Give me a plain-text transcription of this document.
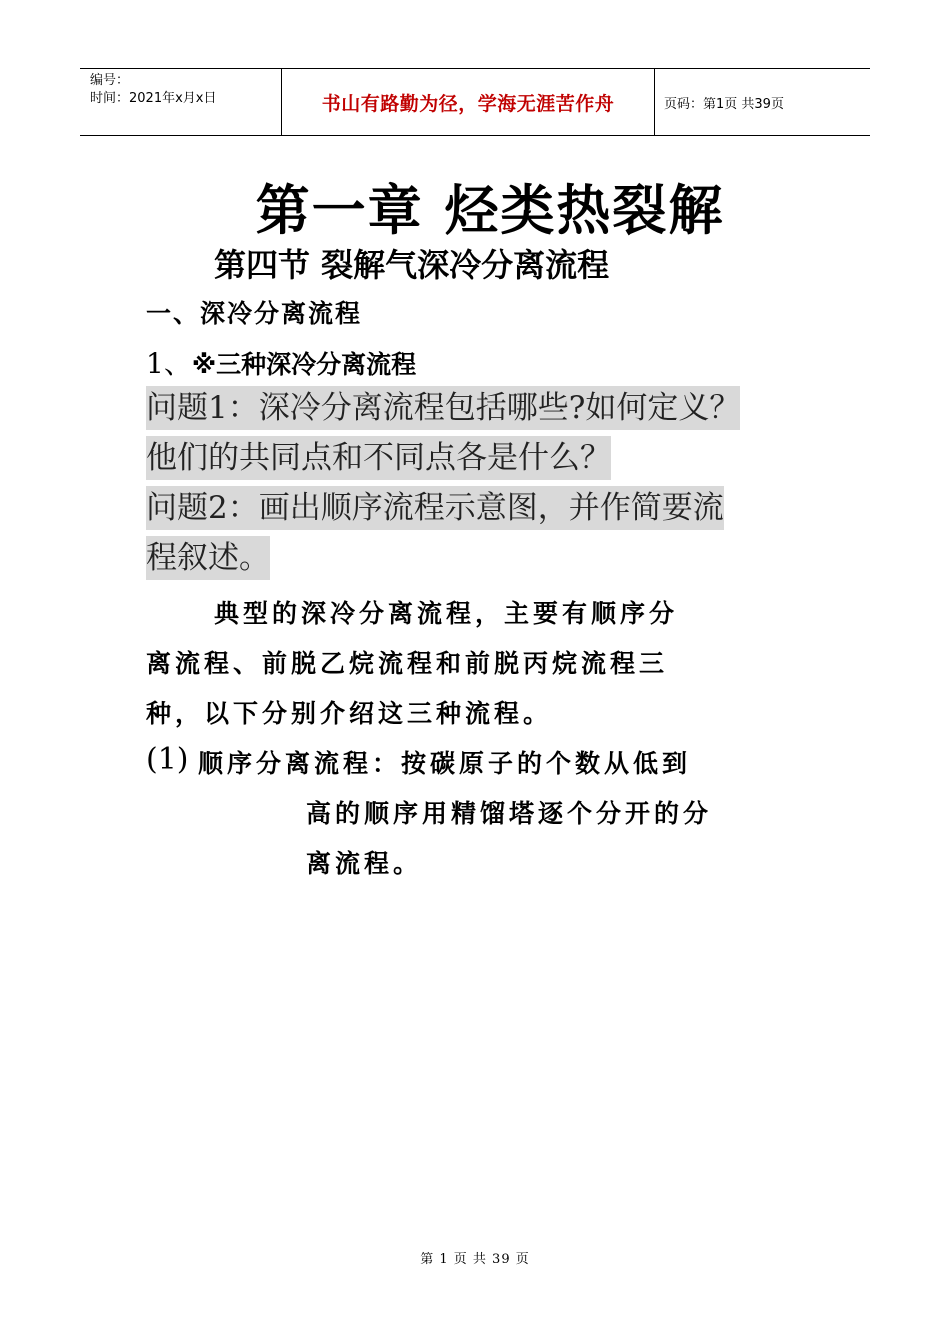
编号：
时间：2021年x月x日	书山有路勤为径，学海无涯苦作舟	页码：第1页 共39页
第一章 烃类热裂解
第四节 裂解气深冷分离流程
一、深冷分离流程
1、※三种深冷分离流程
问题1：深冷分离流程包括哪些?如何定义？
他们的共同点和不同点各是什么？
问题2：画出顺序流程示意图，并作简要流
程叙述。
典型的深冷分离流程，主要有顺序分
离流程、前脱乙烷流程和前脱丙烷流程三
种，以下分别介绍这三种流程。
(1) 顺序分离流程：按碳原子的个数从低到
高的顺序用精馏塔逐个分开的分
离流程。
第 1 页 共 39 页
